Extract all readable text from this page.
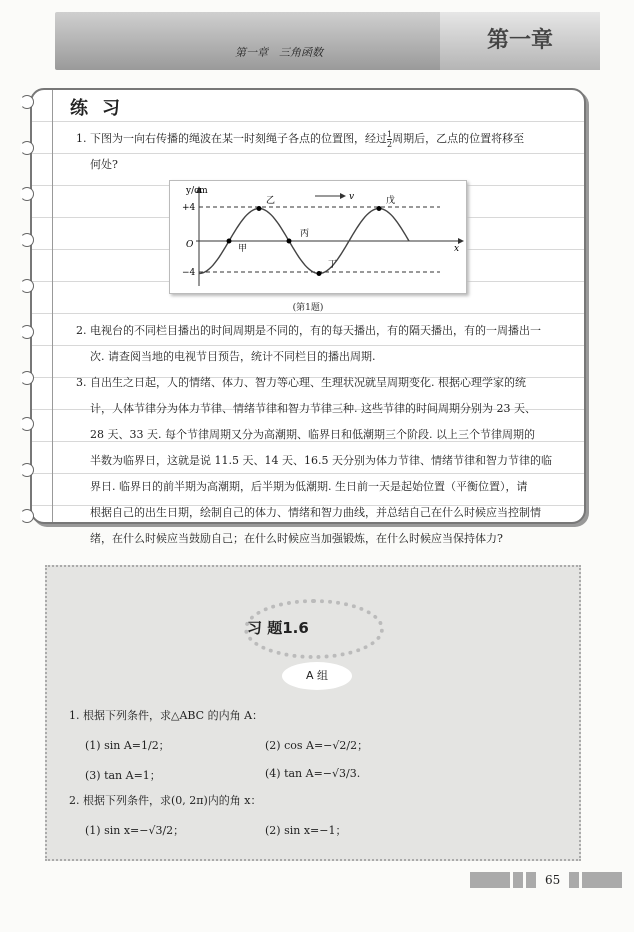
第一章　三角函数	第一章
练习
1. 下图为一向右传播的绳波在某一时刻绳子各点的位置图，经过 $\frac{1}{2}$ 周期后，乙点的位置将移至
何处?
y/cm
+4
−4
O	x
v
甲
乙
丙
丁
戊
(第1题)
2. 电视台的不同栏目播出的时间周期是不同的，有的每天播出，有的隔天播出，有的一周播出一
次. 请查阅当地的电视节目预告，统计不同栏目的播出周期.
3. 自出生之日起，人的情绪、体力、智力等心理、生理状况就呈周期变化. 根据心理学家的统
计，人体节律分为体力节律、情绪节律和智力节律三种. 这些节律的时间周期分别为 23 天、
28 天、33 天. 每个节律周期又分为高潮期、临界日和低潮期三个阶段. 以上三个节律周期的
半数为临界日，这就是说 11.5 天、14 天、16.5 天分别为体力节律、情绪节律和智力节律的临
界日. 临界日的前半期为高潮期，后半期为低潮期. 生日前一天是起始位置（平衡位置），请
根据自己的出生日期，绘制自己的体力、情绪和智力曲线，并总结自己在什么时候应当控制情
绪，在什么时候应当鼓励自己；在什么时候应当加强锻炼，在什么时候应当保持体力?
习 题1.6
A 组
1. 根据下列条件，求△ABC 的内角 A：
(1) sin A=1/2；	(2) cos A=−√2/2；
(3) tan A=1；	(4) tan A=−√3/3.
2. 根据下列条件，求(0, 2π)内的角 x：
(1) sin x=−√3/2；	(2) sin x=−1；
65
